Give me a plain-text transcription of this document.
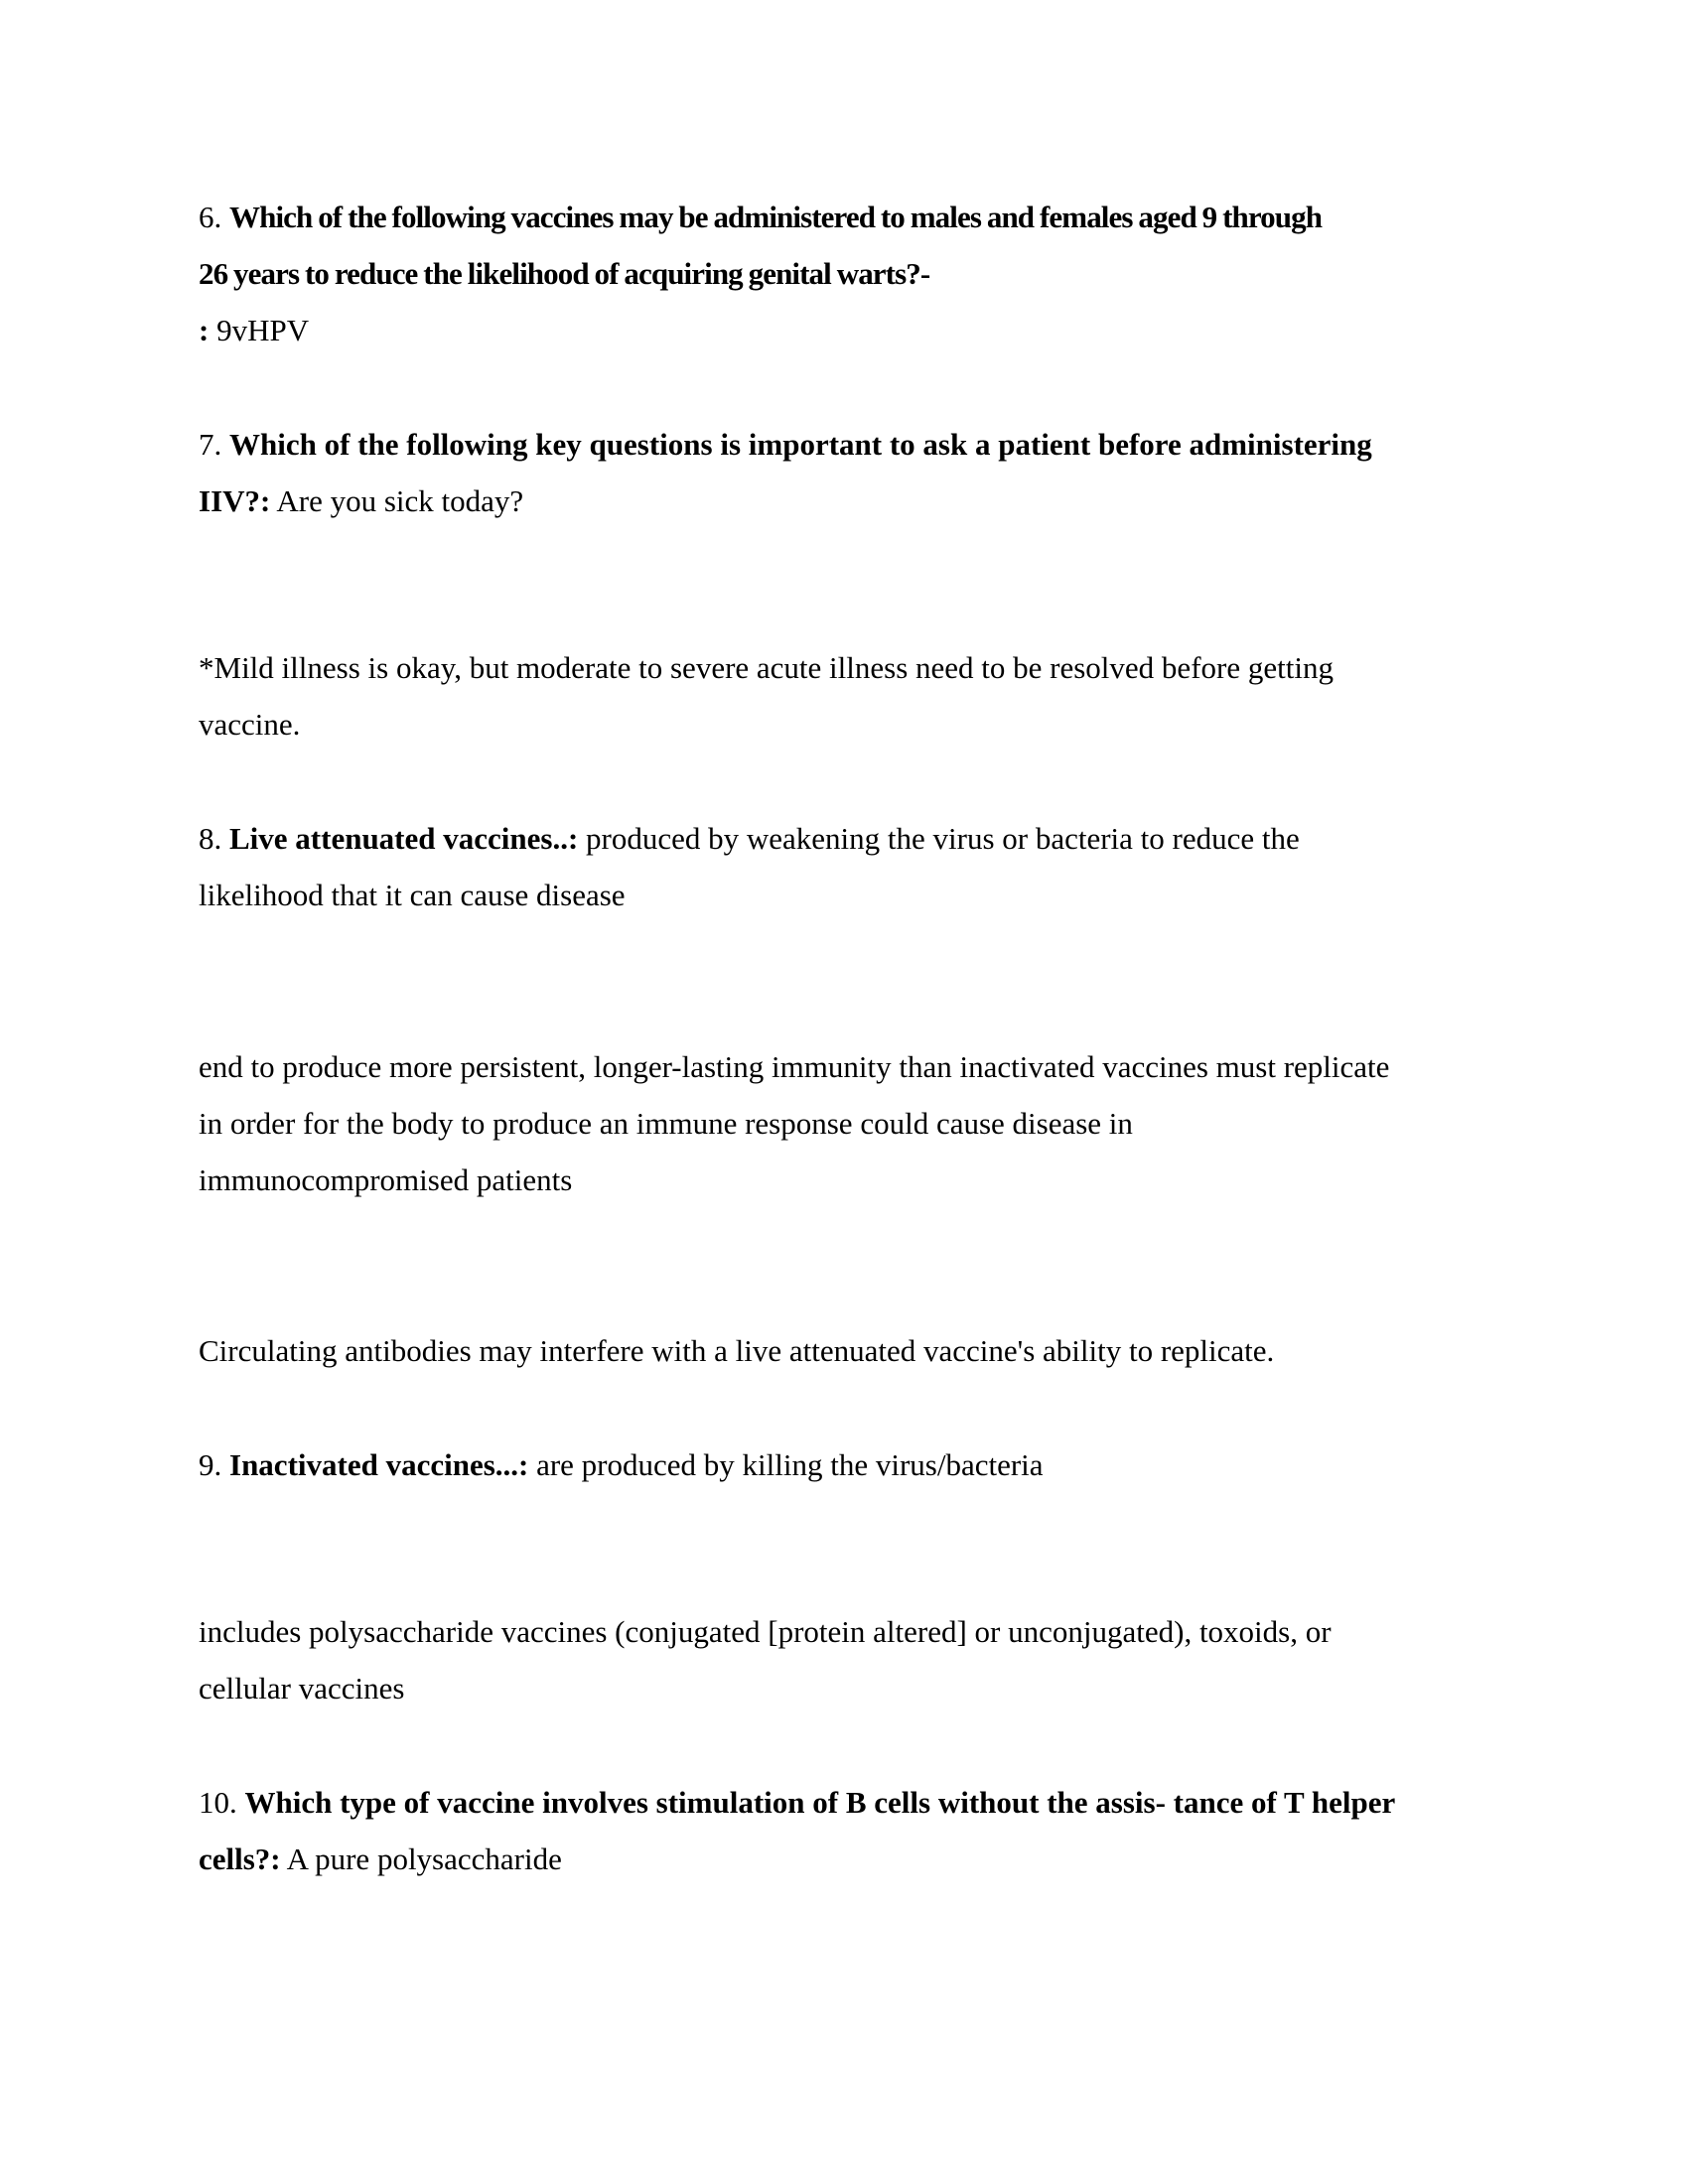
6. Which of the following vaccines may be administered to males and females aged 9 through
26 years to reduce the likelihood of acquiring genital warts?-
: 9vHPV
7. Which of the following key questions is important to ask a patient before administering
IIV?: Are you sick today?
*Mild illness is okay, but moderate to severe acute illness need to be resolved before getting
vaccine.
8. Live attenuated vaccines..: produced by weakening the virus or bacteria to reduce the
likelihood that it can cause disease
end to produce more persistent, longer-lasting immunity than inactivated vaccines must replicate
in order for the body to produce an immune response could cause disease in
immunocompromised patients
Circulating antibodies may interfere with a live attenuated vaccine's ability to replicate.
9. Inactivated vaccines...: are produced by killing the virus/bacteria
includes polysaccharide vaccines (conjugated [protein altered] or unconjugated), toxoids, or
cellular vaccines
10. Which type of vaccine involves stimulation of B cells without the assis- tance of T helper
cells?: A pure polysaccharide
